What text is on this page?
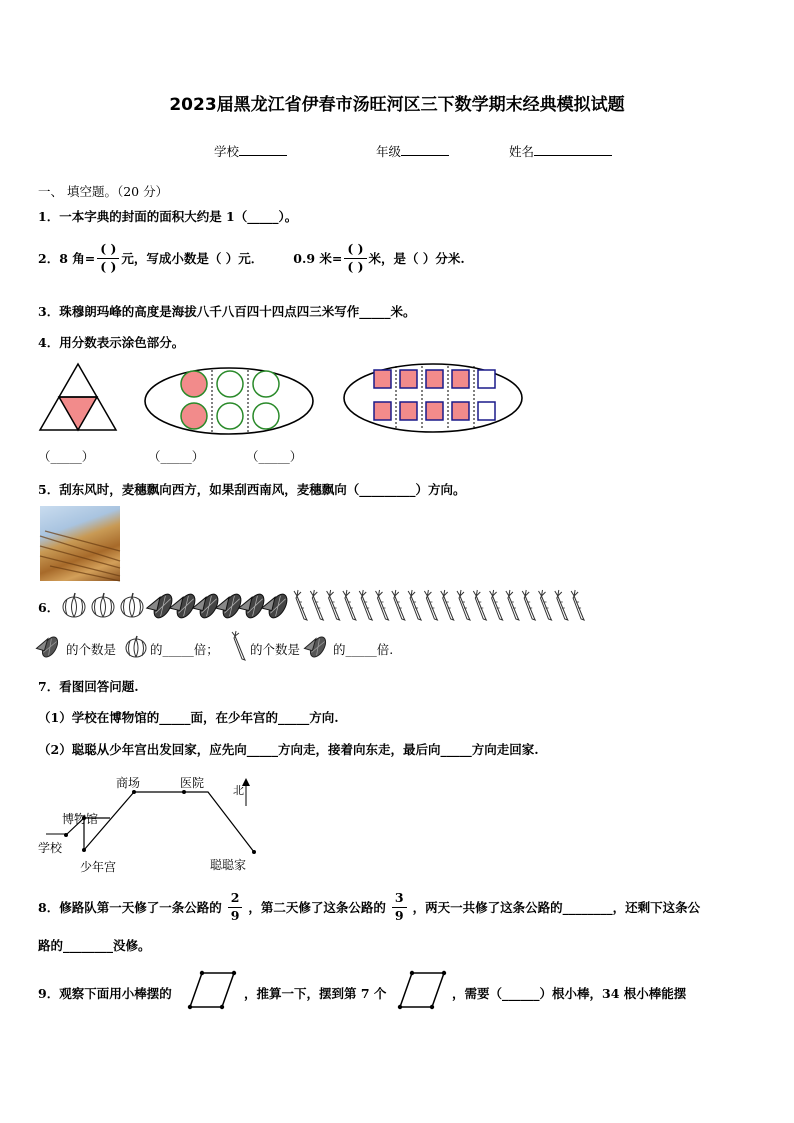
2023届黑龙江省伊春市汤旺河区三下数学期末经典模拟试题
学校	年级	姓名
一、 填空题。（20 分）
1．一本字典的封面的面积大约是 1（_____）。
2．8 角= $\frac{( )}{( )}$ 元，写成小数是（ ）元． 0.9 米= $\frac{( )}{( )}$ 米，是（ ）分米.
3．珠穆朗玛峰的高度是海拔八千八百四十四点四三米写作_____米。
4．用分数表示涂色部分。
（_____）	（_____）	（_____）
5．刮东风时，麦穗飘向西方，如果刮西南风，麦穗飘向（_________）方向。
6．
的个数是	的_____倍； 的个数是	的_____倍.
7．看图回答问题.
（1）学校在博物馆的_____面，在少年宫的_____方向.
（2）聪聪从少年宫出发回家，应先向_____方向走，接着向东走，最后向_____方向走回家.
商场	医院
北
博物馆
学校
少年宫	聪聪家
8．修路队第一天修了一条公路的 $\frac{2}{9}$ ，第二天修了这条公路的 $\frac{3}{9}$ ，两天一共修了这条公路的________，还剩下这条公
路的________没修。
9．观察下面用小棒摆的	，推算一下，摆到第 7 个	，需要（______）根小棒，34 根小棒能摆
